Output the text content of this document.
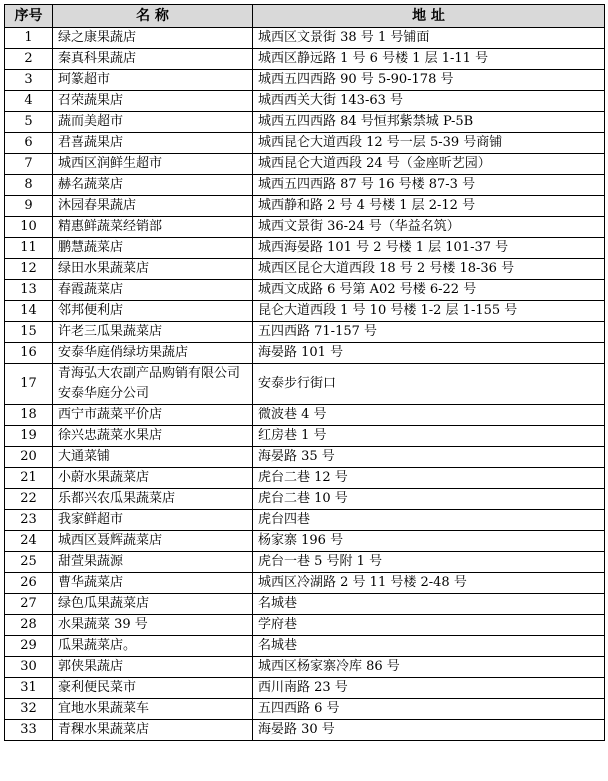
序号	名 称	地 址
1	绿之康果蔬店	城西区文景街 38 号 1 号铺面
2	秦真科果蔬店	城西区静远路 1 号 6 号楼 1 层 1-11 号
3	珂篆超市	城西五四西路 90 号 5-90-178 号
4	召荣蔬果店	城西西关大街 143-63 号
5	蔬而美超市	城西五四西路 84 号恒邦紫禁城 P-5B
6	君喜蔬果店	城西昆仑大道西段 12 号一层 5-39 号商铺
7	城西区润鲜生超市	城西昆仑大道西段 24 号（金座昕艺园）
8	赫名蔬菜店	城西五四西路 87 号 16 号楼 87-3 号
9	沐园春果蔬店	城西静和路 2 号 4 号楼 1 层 2-12 号
10	精惠鲜蔬菜经销部	城西文景街 36-24 号（华益名筑）
11	鹏慧蔬菜店	城西海晏路 101 号 2 号楼 1 层 101-37 号
12	绿田水果蔬菜店	城西区昆仑大道西段 18 号 2 号楼 18-36 号
13	春霞蔬菜店	城西文成路 6 号第 A02 号楼 6-22 号
14	邻邦便利店	昆仑大道西段 1 号 10 号楼 1-2 层 1-155 号
15	许老三瓜果蔬菜店	五四西路 71-157 号
16	安泰华庭俏绿坊果蔬店	海晏路 101 号
17	青海弘大农副产品购销有限公司安泰华庭分公司	安泰步行街口
18	西宁市蔬菜平价店	微波巷 4 号
19	徐兴忠蔬菜水果店	红房巷 1 号
20	大通菜铺	海晏路 35 号
21	小蔚水果蔬菜店	虎台二巷 12 号
22	乐都兴农瓜果蔬菜店	虎台二巷 10 号
23	我家鲜超市	虎台四巷
24	城西区聂辉蔬菜店	杨家寨 196 号
25	甜萱果蔬源	虎台一巷 5 号附 1 号
26	曹华蔬菜店	城西区冷湖路 2 号 11 号楼 2-48 号
27	绿色瓜果蔬菜店	名城巷
28	水果蔬菜 39 号	学府巷
29	瓜果蔬菜店。	名城巷
30	郭侠果蔬店	城西区杨家寨冷库 86 号
31	豪利便民菜市	西川南路 23 号
32	宜地水果蔬菜车	五四西路 6 号
33	青稞水果蔬菜店	海晏路 30 号
